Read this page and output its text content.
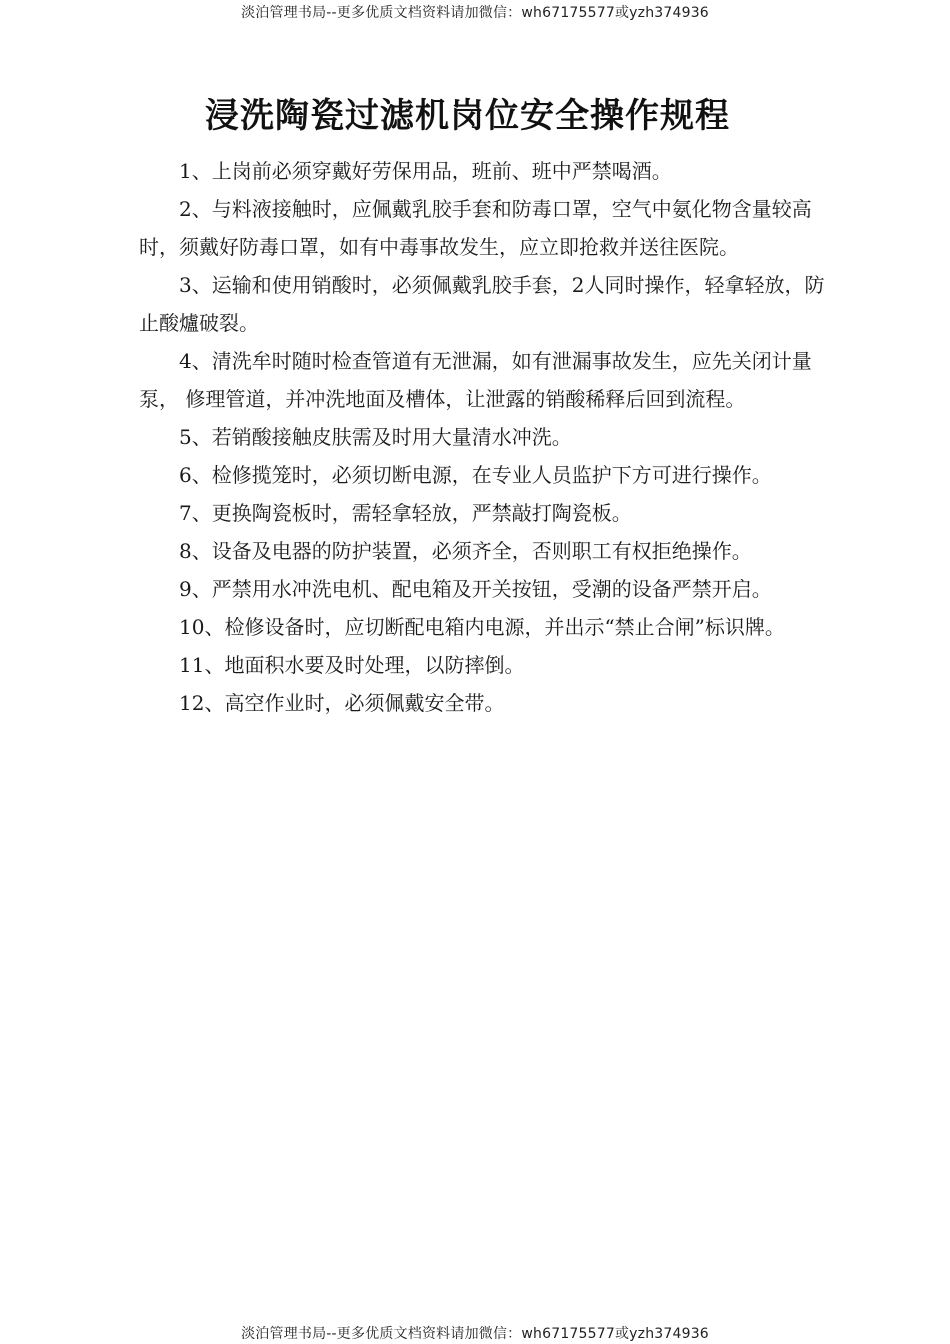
淡泊管理书局--更多优质文档资料请加微信：wh67175577或yzh374936
浸洗陶瓷过滤机岗位安全操作规程
1、上岗前必须穿戴好劳保用品，班前、班中严禁喝酒。
2、与料液接触时，应佩戴乳胶手套和防毒口罩，空气中氨化物含量较高时，须戴好防毒口罩，如有中毒事故发生，应立即抢救并送往医院。
3、运输和使用销酸时，必须佩戴乳胶手套，2人同时操作，轻拿轻放，防 止酸爐破裂。
4、清洗牟时随时检查管道有无泄漏，如有泄漏事故发生，应先关闭计量泵， 修理管道，并冲洗地面及槽体，让泄露的销酸稀释后回到流程。
5、若销酸接触皮肤需及时用大量清水冲洗。
6、检修揽笼时，必须切断电源，在专业人员监护下方可进行操作。
7、更换陶瓷板时，需轻拿轻放，严禁敲打陶瓷板。
8、设备及电器的防护装置，必须齐全，否则职工有权拒绝操作。
9、严禁用水冲洗电机、配电箱及开关按钮，受潮的设备严禁开启。
10、检修设备时，应切断配电箱内电源，并出示“禁止合闸”标识牌。
11、地面积水要及时处理，以防摔倒。
12、高空作业时，必须佩戴安全带。
淡泊管理书局--更多优质文档资料请加微信：wh67175577或yzh374936
